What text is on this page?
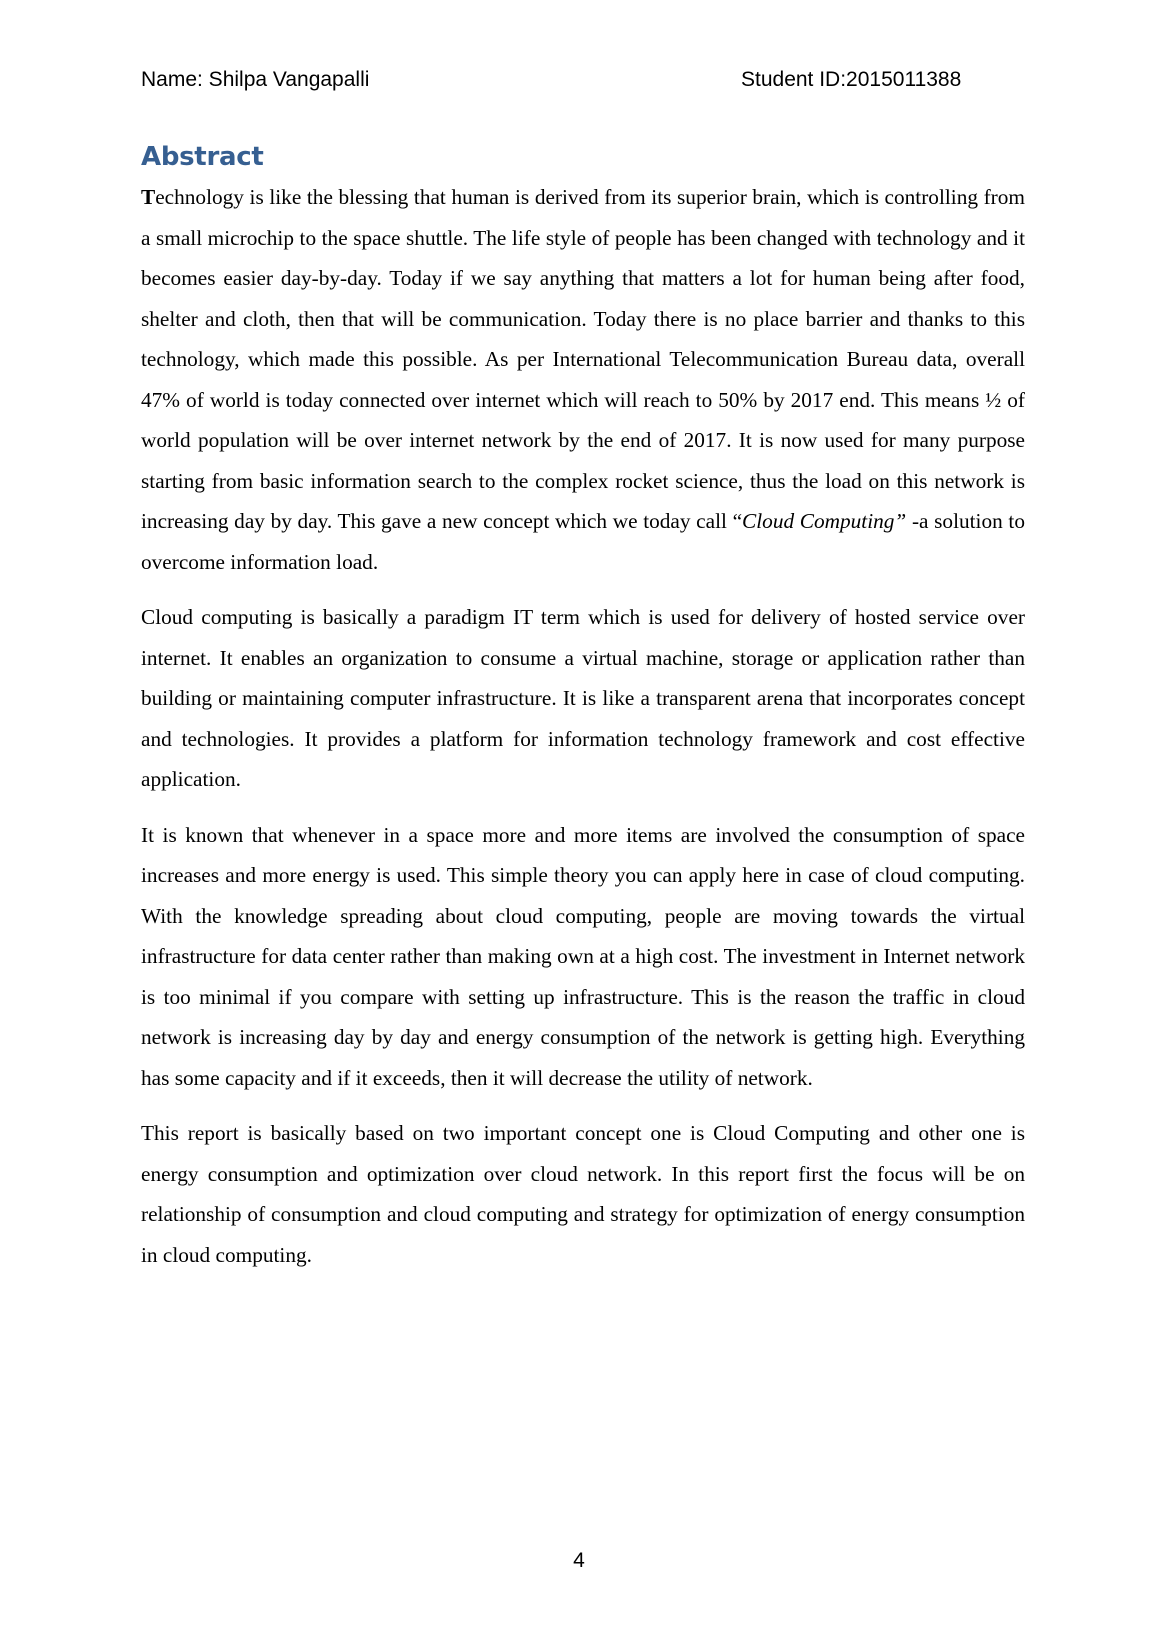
Name: Shilpa Vangapalli	Student ID:2015011388
Abstract

Technology is like the blessing that human is derived from its superior brain, which is controlling from a small microchip to the space shuttle. The life style of people has been changed with technology and it becomes easier day-by-day. Today if we say anything that matters a lot for human being after food, shelter and cloth, then that will be communication. Today there is no place barrier and thanks to this technology, which made this possible. As per International Telecommunication Bureau data, overall 47% of world is today connected over internet which will reach to 50% by 2017 end. This means ½ of world population will be over internet network by the end of 2017. It is now used for many purpose starting from basic information search to the complex rocket science, thus the load on this network is increasing day by day. This gave a new concept which we today call “Cloud Computing” -a solution to overcome information load.

Cloud computing is basically a paradigm IT term which is used for delivery of hosted service over internet. It enables an organization to consume a virtual machine, storage or application rather than building or maintaining computer infrastructure. It is like a transparent arena that incorporates concept and technologies. It provides a platform for information technology framework and cost effective application.

It is known that whenever in a space more and more items are involved the consumption of space increases and more energy is used. This simple theory you can apply here in case of cloud computing. With the knowledge spreading about cloud computing, people are moving towards the virtual infrastructure for data center rather than making own at a high cost. The investment in Internet network is too minimal if you compare with setting up infrastructure. This is the reason the traffic in cloud network is increasing day by day and energy consumption of the network is getting high. Everything has some capacity and if it exceeds, then it will decrease the utility of network.

This report is basically based on two important concept one is Cloud Computing and other one is energy consumption and optimization over cloud network. In this report first the focus will be on relationship of consumption and cloud computing and strategy for optimization of energy consumption in cloud computing.

4
